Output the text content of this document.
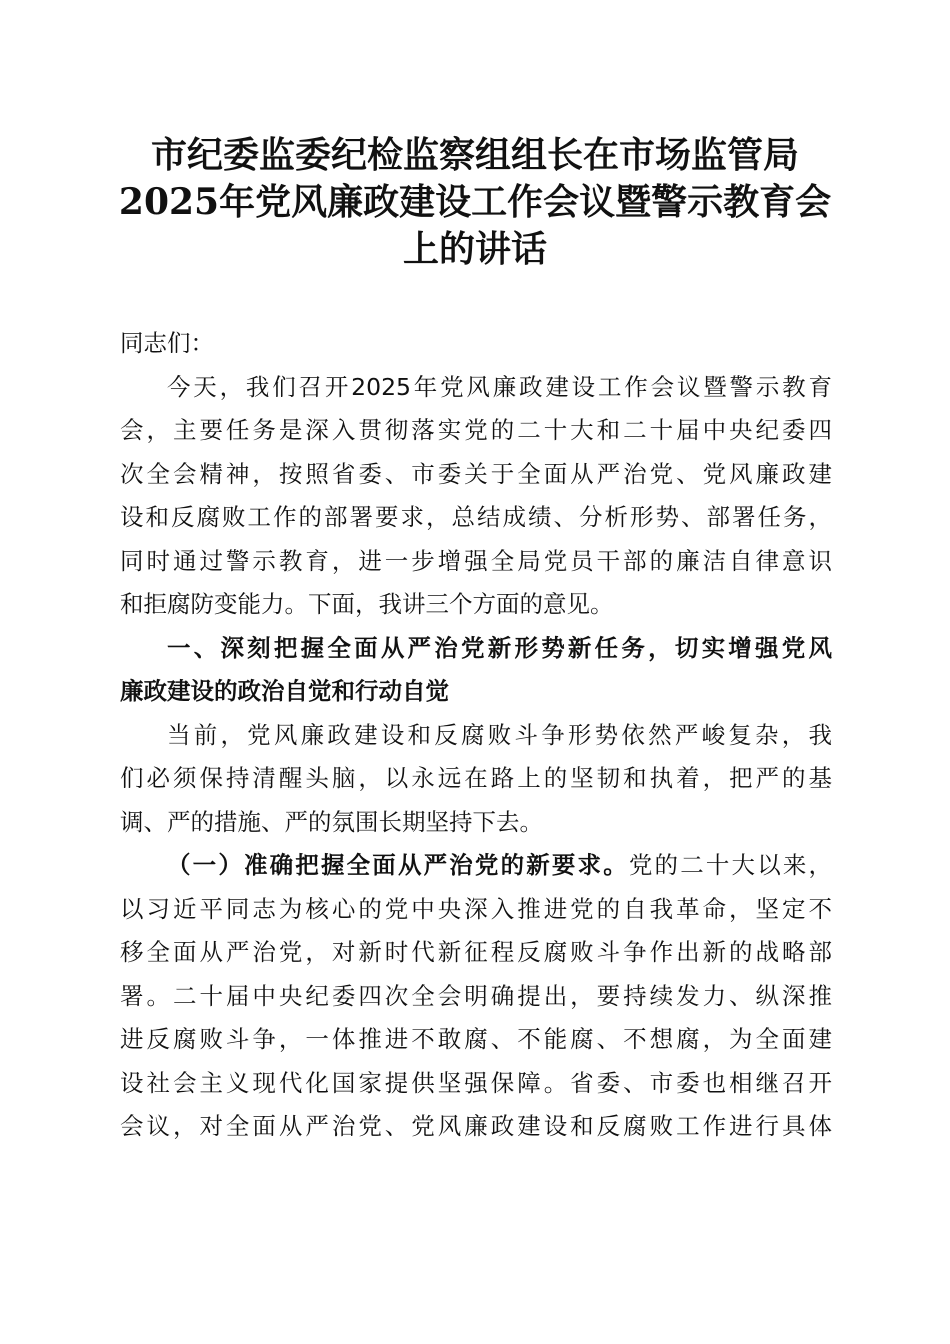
市纪委监委纪检监察组组长在市场监管局
2025年党风廉政建设工作会议暨警示教育会
上的讲话
同志们：
今天，我们召开2025年党风廉政建设工作会议暨警示教育
会，主要任务是深入贯彻落实党的二十大和二十届中央纪委四
次全会精神，按照省委、市委关于全面从严治党、党风廉政建
设和反腐败工作的部署要求，总结成绩、分析形势、部署任务，
同时通过警示教育，进一步增强全局党员干部的廉洁自律意识
和拒腐防变能力。下面，我讲三个方面的意见。
一、深刻把握全面从严治党新形势新任务，切实增强党风
廉政建设的政治自觉和行动自觉
当前，党风廉政建设和反腐败斗争形势依然严峻复杂，我
们必须保持清醒头脑，以永远在路上的坚韧和执着，把严的基
调、严的措施、严的氛围长期坚持下去。
（一）准确把握全面从严治党的新要求。党的二十大以来，
以习近平同志为核心的党中央深入推进党的自我革命，坚定不
移全面从严治党，对新时代新征程反腐败斗争作出新的战略部
署。二十届中央纪委四次全会明确提出，要持续发力、纵深推
进反腐败斗争，一体推进不敢腐、不能腐、不想腐，为全面建
设社会主义现代化国家提供坚强保障。省委、市委也相继召开
会议，对全面从严治党、党风廉政建设和反腐败工作进行具体
